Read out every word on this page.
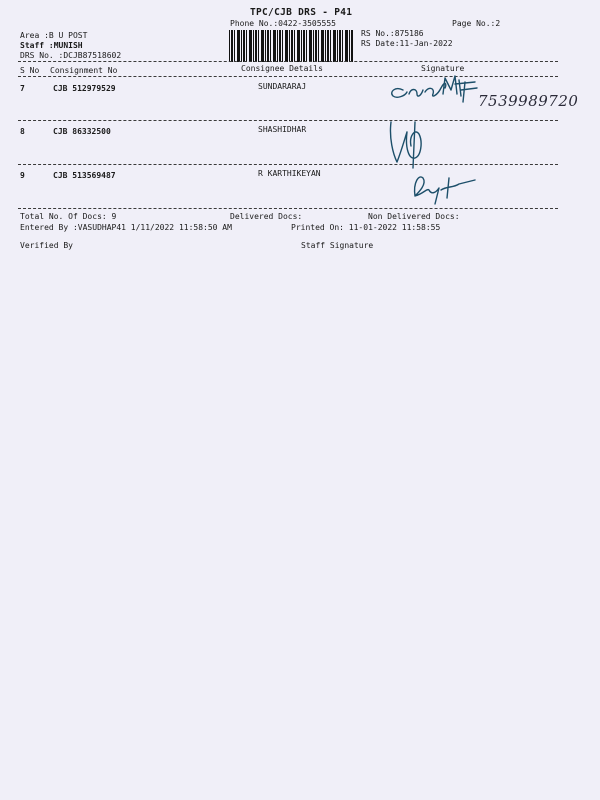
TPC/CJB DRS - P41
Phone No.:0422-3505555	Page No.:2
Area :B U POST
Staff :MUNISH
DRS No. :DCJB87518602
RS No.:875186
RS Date:11-Jan-2022
S No Consignment No	Consignee Details	Signature
7	CJB 512979529	SUNDARARAJ
8	CJB 86332500	SHASHIDHAR
9	CJB 513569487	R KARTHIKEYAN
7539989720
Total No. Of Docs: 9	Delivered Docs:	Non Delivered Docs:
Entered By :VASUDHAP41 1/11/2022 11:58:50 AM	Printed On: 11-01-2022 11:58:55
Verified By	Staff Signature
